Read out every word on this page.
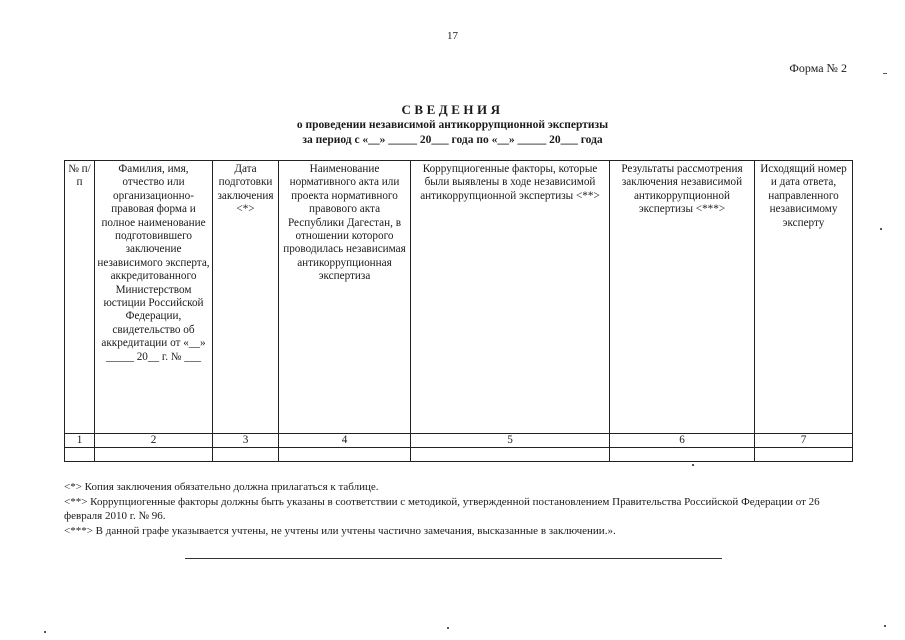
17
Форма № 2
СВЕДЕНИЯ
о проведении независимой антикоррупционной экспертизы
за период с «__» _____ 20___ года по «__» _____ 20___ года
№ п/п	Фамилия, имя, отчество или организационно-правовая форма и полное наименование подготовившего заключение независимого эксперта, аккредитованного Министерством юстиции Российской Федерации, свидетельство об аккредитации от «__» _____ 20__ г. № ___	Дата подготовки заключения <*>	Наименование нормативного акта или проекта нормативного правового акта Республики Дагестан, в отношении которого проводилась независимая антикоррупционная экспертиза	Коррупциогенные факторы, которые были выявлены в ходе независимой антикоррупционной экспертизы <**>	Результаты рассмотрения заключения независимой антикоррупционной экспертизы <***>	Исходящий номер и дата ответа, направленного независимому эксперту
1	2	3	4	5	6	7

<*> Копия заключения обязательно должна прилагаться к таблице.

<**> Коррупциогенные факторы должны быть указаны в соответствии с методикой, утвержденной постановлением Правительства Российской Федерации от 26 февраля 2010 г. № 96.

<***> В данной графе указывается учтены, не учтены или учтены частично замечания, высказанные в заключении.».
